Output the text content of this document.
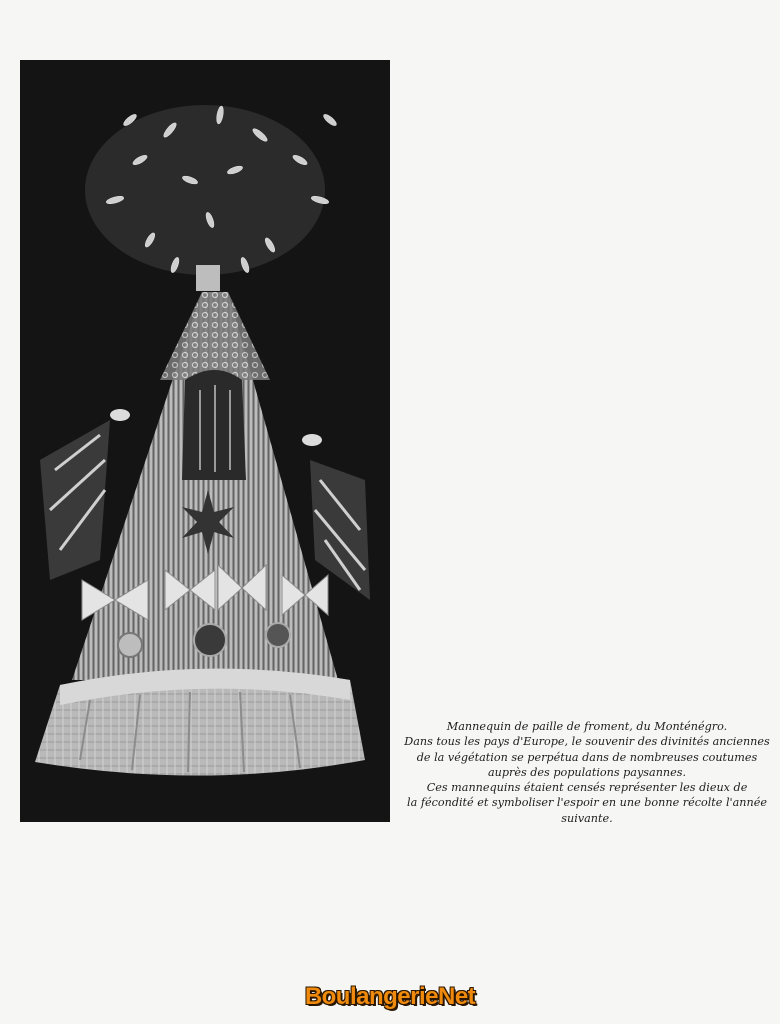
Mannequin de paille de froment, du Monténégro.
Dans tous les pays d'Europe, le souvenir des divinités anciennes
de la végétation se perpétua dans de nombreuses coutumes
auprès des populations paysannes.
Ces mannequins étaient censés représenter les dieux de
la fécondité et symboliser l'espoir en une bonne récolte l'année
suivante.
BoulangerieNet
